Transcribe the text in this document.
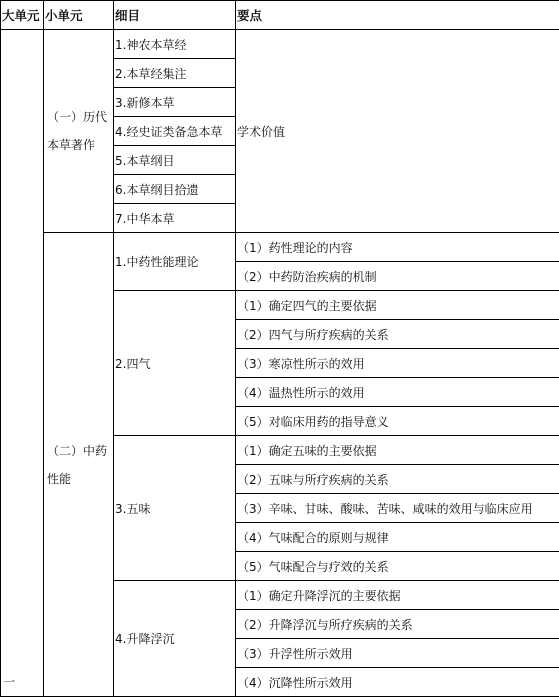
大单元	小单元	细目	要点

一	（一）历代本草著作	1.神农本草经	学术价值
		2.本草经集注	
		3.新修本草	
		4.经史证类备急本草	
		5.本草纲目	
		6.本草纲目拾遗	
		7.中华本草	
	（二）中药性能	1.中药性能理论	（1）药性理论的内容
			（2）中药防治疾病的机制
		2.四气	（1）确定四气的主要依据
			（2）四气与所疗疾病的关系
			（3）寒凉性所示的效用
			（4）温热性所示的效用
			（5）对临床用药的指导意义
		3.五味	（1）确定五味的主要依据
			（2）五味与所疗疾病的关系
			（3）辛味、甘味、酸味、苦味、咸味的效用与临床应用
			（4）气味配合的原则与规律
			（5）气味配合与疗效的关系
		4.升降浮沉	（1）确定升降浮沉的主要依据
			（2）升降浮沉与所疗疾病的关系
			（3）升浮性所示效用
			（4）沉降性所示效用
